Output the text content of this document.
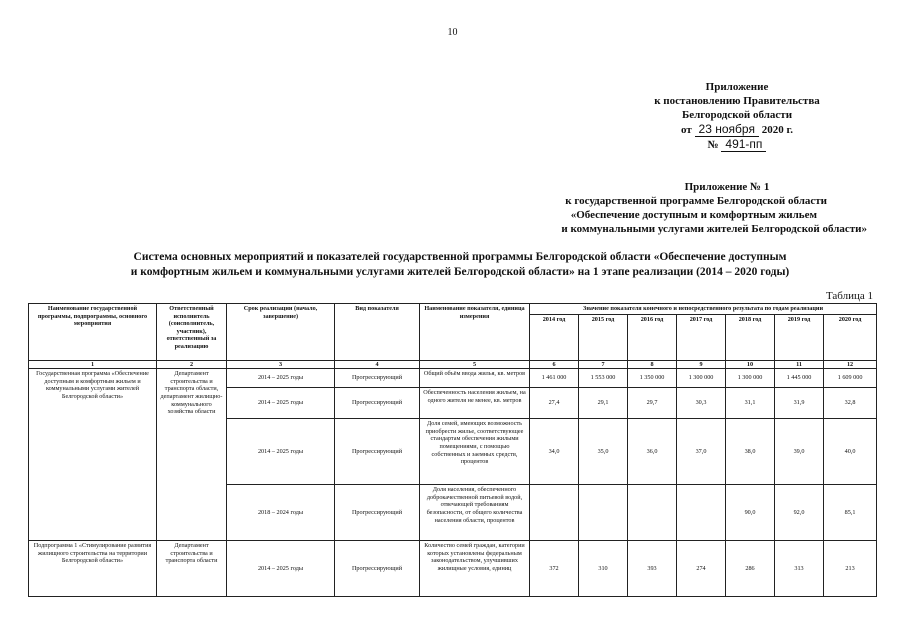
10
Приложение
к постановлению Правительства
Белгородской области
от 23 ноября 2020 г.
№ 491-пп
Приложение № 1
к государственной программе Белгородской области
«Обеспечение доступным и комфортным жильем
и коммунальными услугами жителей Белгородской области»
Система основных мероприятий и показателей государственной программы Белгородской области «Обеспечение доступным
и комфортным жильем и коммунальными услугами жителей Белгородской области» на 1 этапе реализации (2014 – 2020 годы)
Таблица 1
Наименование государственной программы, подпрограммы, основного мероприятия	Ответственный исполнитель (соисполнитель, участник), ответственный за реализацию	Срок реализации (начало, завершение)	Вид показателя	Наименование показателя, единица измерения	Значение показателя конечного и непосредственного результата по годам реализации						
					2014 год	2015 год	2016 год	2017 год	2018 год	2019 год	2020 год
1	2	3	4	5	6	7	8	9	10	11	12
Государственная программа «Обеспечение доступным и комфортным жильем и коммунальными услугами жителей Белгородской области»	Департамент строительства и транспорта области, департамент жилищно-коммунального хозяйства области	2014 – 2025 годы	Прогрессирующий	Общий объём ввода жилья, кв. метров	1 461 000	1 553 000	1 350 000	1 300 000	1 300 000	1 445 000	1 609 000
		2014 – 2025 годы	Прогрессирующий	Обеспеченность населения жильем, на одного жителя не менее, кв. метров	27,4	29,1	29,7	30,3	31,1	31,9	32,8
		2014 – 2025 годы	Прогрессирующий	Доля семей, имеющих возможность приобрести жилье, соответствующее стандартам обеспечения жилыми помещениями, с помощью собственных и заемных средств, процентов	34,0	35,0	36,0	37,0	38,0	39,0	40,0
		2018 – 2024 годы	Прогрессирующий	Доля населения, обеспеченного доброкачественной питьевой водой, отвечающей требованиям безопасности, от общего количества населения области, процентов					90,0	92,0	85,1
Подпрограмма 1 «Стимулирование развития жилищного строительства на территории Белгородской области»	Департамент строительства и транспорта области	2014 – 2025 годы	Прогрессирующий	Количество семей граждан, категории которых установлены федеральным законодательством, улучшивших жилищные условия, единиц	372	310	393	274	286	313	213
